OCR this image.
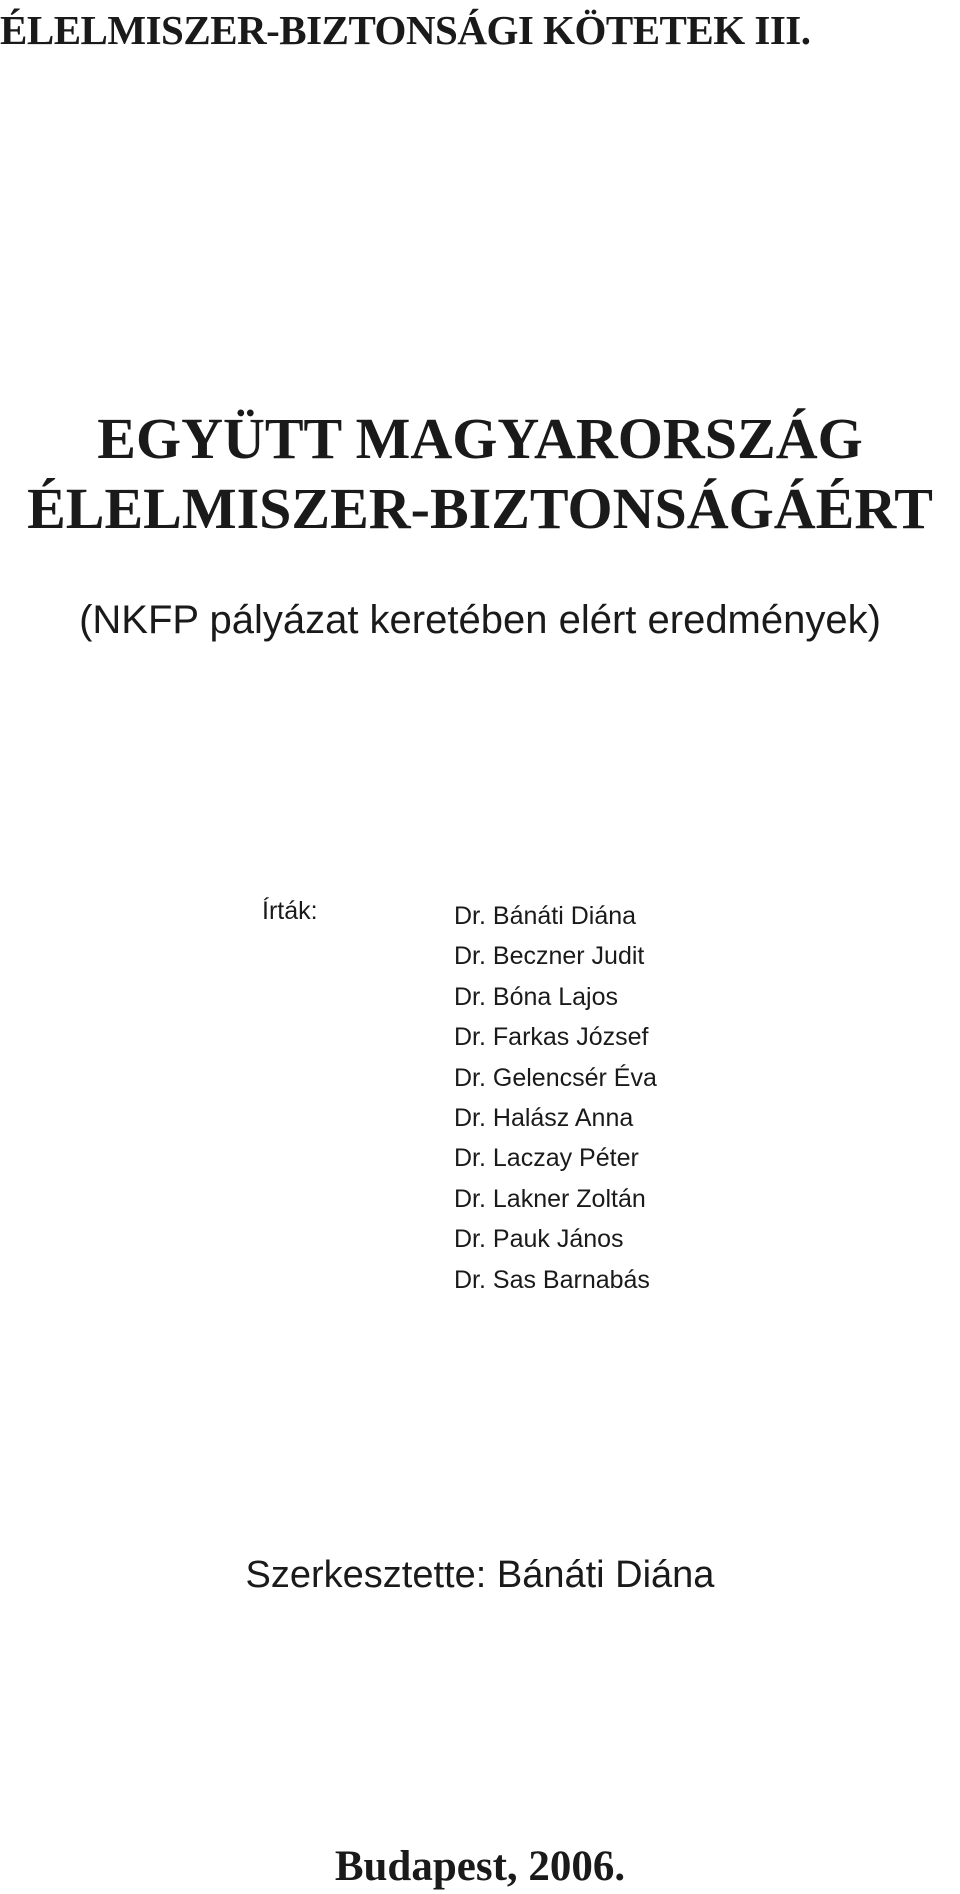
ÉLELMISZER-BIZTONSÁGI KÖTETEK III.
EGYÜTT MAGYARORSZÁG
ÉLELMISZER-BIZTONSÁGÁÉRT

(NKFP pályázat keretében elért eredmények)

Írták:	Dr. Bánáti Diána
Dr. Beczner Judit
Dr. Bóna Lajos
Dr. Farkas József
Dr. Gelencsér Éva
Dr. Halász Anna
Dr. Laczay Péter
Dr. Lakner Zoltán
Dr. Pauk János
Dr. Sas Barnabás

Szerkesztette: Bánáti Diána

Budapest, 2006.
